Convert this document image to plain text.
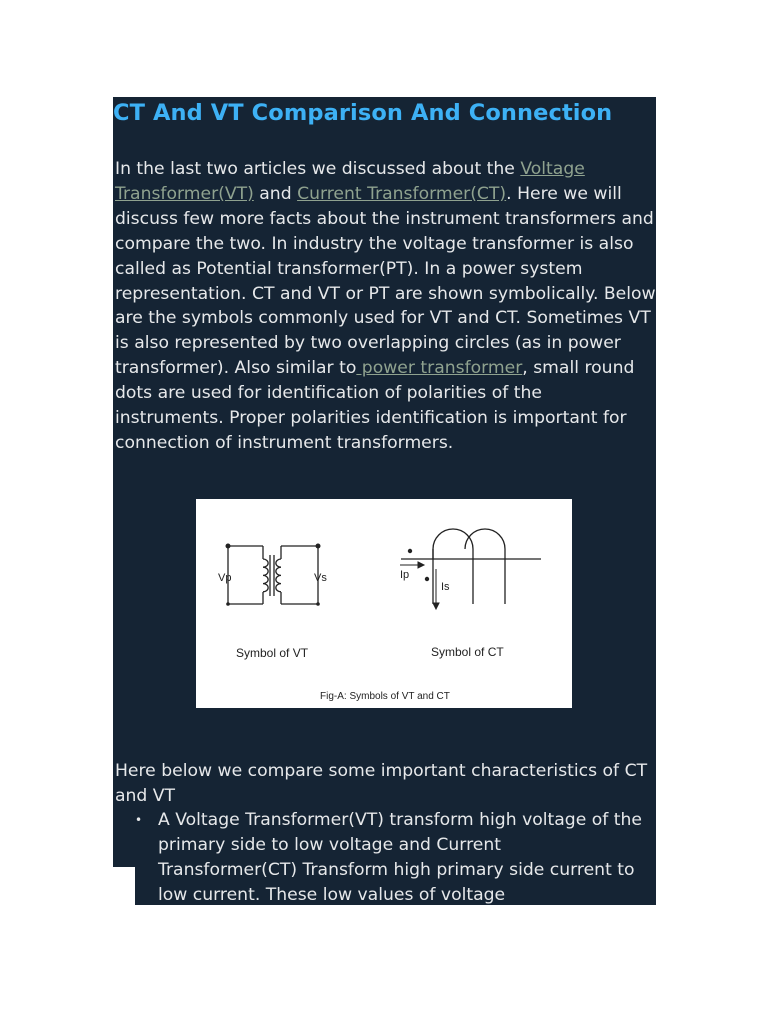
CT And VT Comparison And Connection

In the last two articles we discussed about the Voltage Transformer(VT) and Current Transformer(CT). Here we will discuss few more facts about the instrument transformers and compare the two. In industry the voltage transformer is also called as Potential transformer(PT). In a power system representation. CT and VT or PT are shown symbolically. Below are the symbols commonly used for VT and CT. Sometimes VT is also represented by two overlapping circles (as in power transformer). Also similar to power transformer, small round dots are used for identification of polarities of the instruments. Proper polarities identification is important for connection of instrument transformers.

Vp	Vs	Ip
Is
Symbol of VT	Symbol of CT
Fig-A: Symbols of VT and CT

Here below we compare some important characteristics of CT and VT

• A Voltage Transformer(VT) transform high voltage of the primary side to low voltage and Current Transformer(CT) Transform high primary side current to low current. These low values of voltage
